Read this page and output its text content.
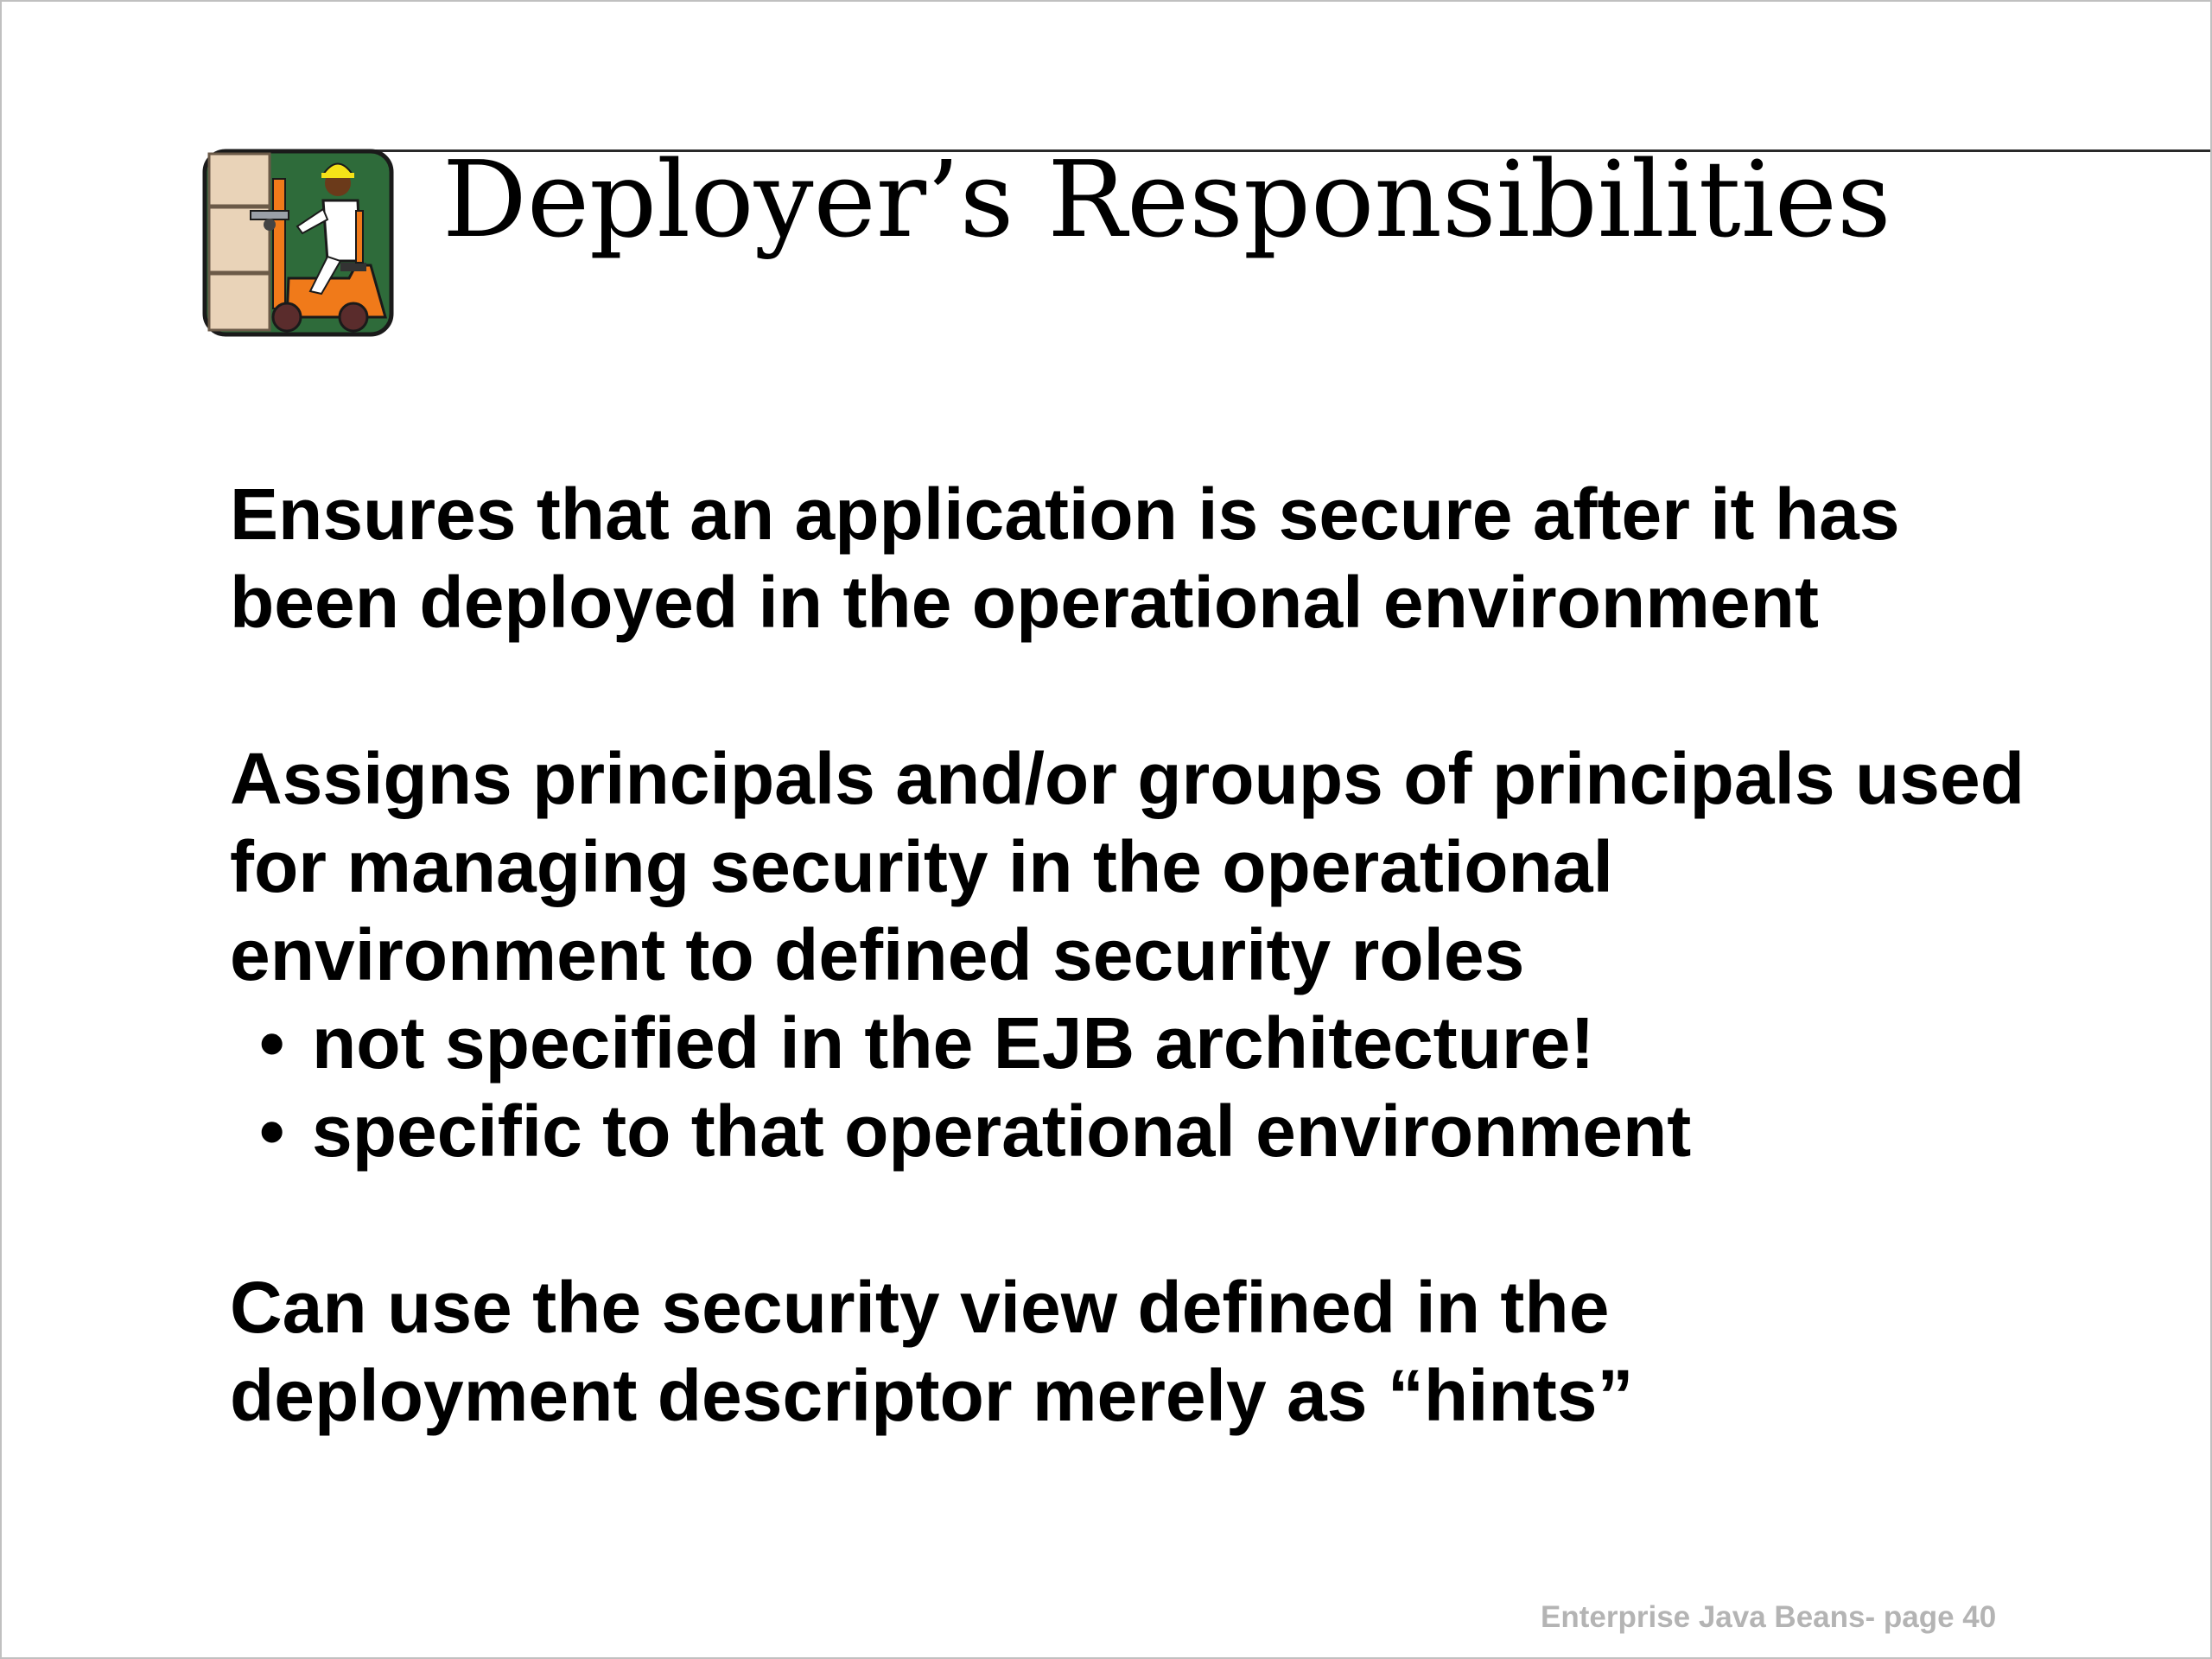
Deployer’s Responsibilities

Ensures that an application is secure after it has been deployed in the operational environment

Assigns principals and/or groups of principals used for managing security in the operational environment to defined security roles

• not specified in the EJB architecture!
• specific to that operational environment

Can use the security view defined in the deployment descriptor merely as “hints”

Enterprise Java Beans- page 40
